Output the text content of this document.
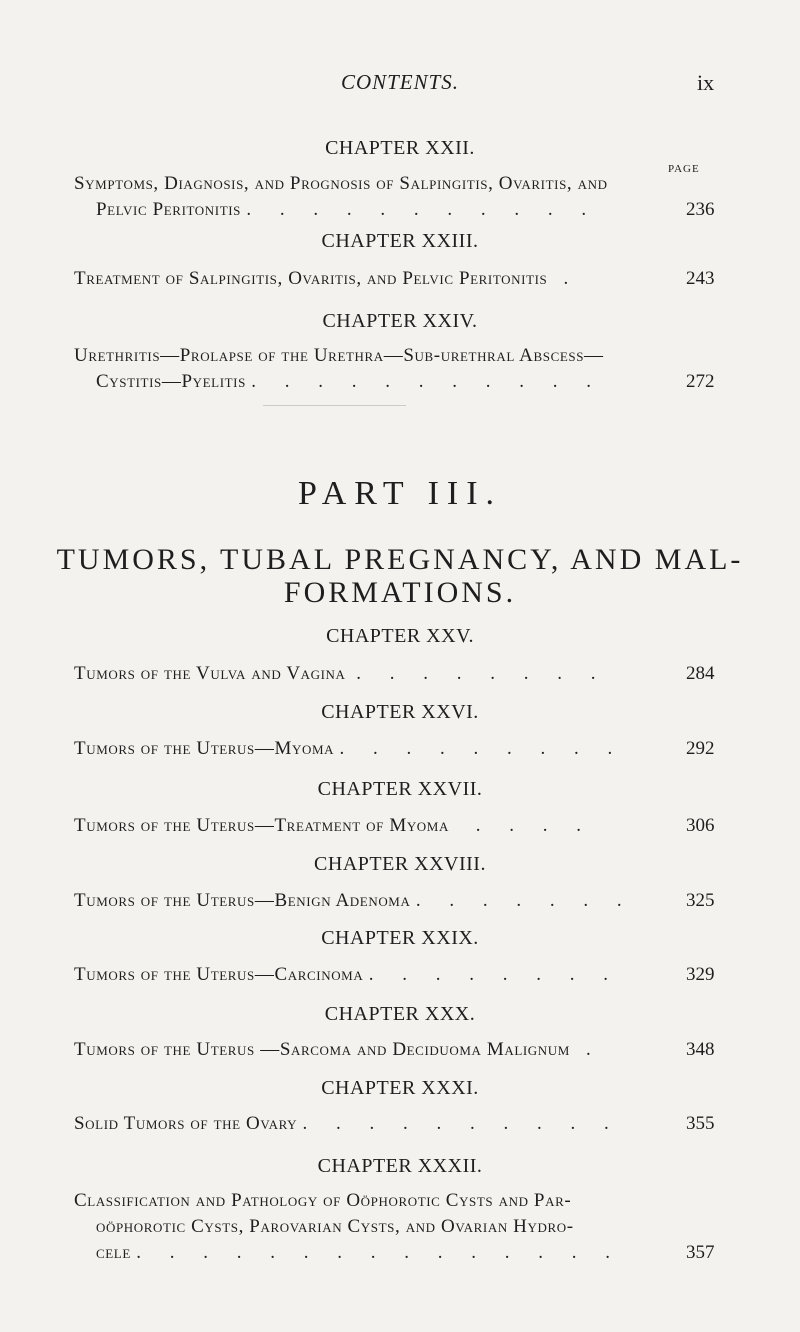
CONTENTS.	ix
CHAPTER XXII.
PAGE
Symptoms, Diagnosis, and Prognosis of Salpingitis, Ovaritis, and
Pelvic Peritonitis . . . . . . . . . . .	236
CHAPTER XXIII.
Treatment of Salpingitis, Ovaritis, and Pelvic Peritonitis .	243
CHAPTER XXIV.
Urethritis—Prolapse of the Urethra—Sub-urethral Abscess—
Cystitis—Pyelitis . . . . . . . . . . .	272
PART III.
TUMORS, TUBAL PREGNANCY, AND MAL-
FORMATIONS.
CHAPTER XXV.
Tumors of the Vulva and Vagina . . . . . . . .	284
CHAPTER XXVI.
Tumors of the Uterus—Myoma . . . . . . . . .	292
CHAPTER XXVII.
Tumors of the Uterus—Treatment of Myoma . . . .	306
CHAPTER XXVIII.
Tumors of the Uterus—Benign Adenoma . . . . . . .	325
CHAPTER XXIX.
Tumors of the Uterus—Carcinoma . . . . . . . .	329
CHAPTER XXX.
Tumors of the Uterus —Sarcoma and Deciduoma Malignum .	348
CHAPTER XXXI.
Solid Tumors of the Ovary . . . . . . . . . .	355
CHAPTER XXXII.
Classification and Pathology of Oöphorotic Cysts and Par-
oöphorotic Cysts, Parovarian Cysts, and Ovarian Hydro-
cele . . . . . . . . . . . . . . .	357
